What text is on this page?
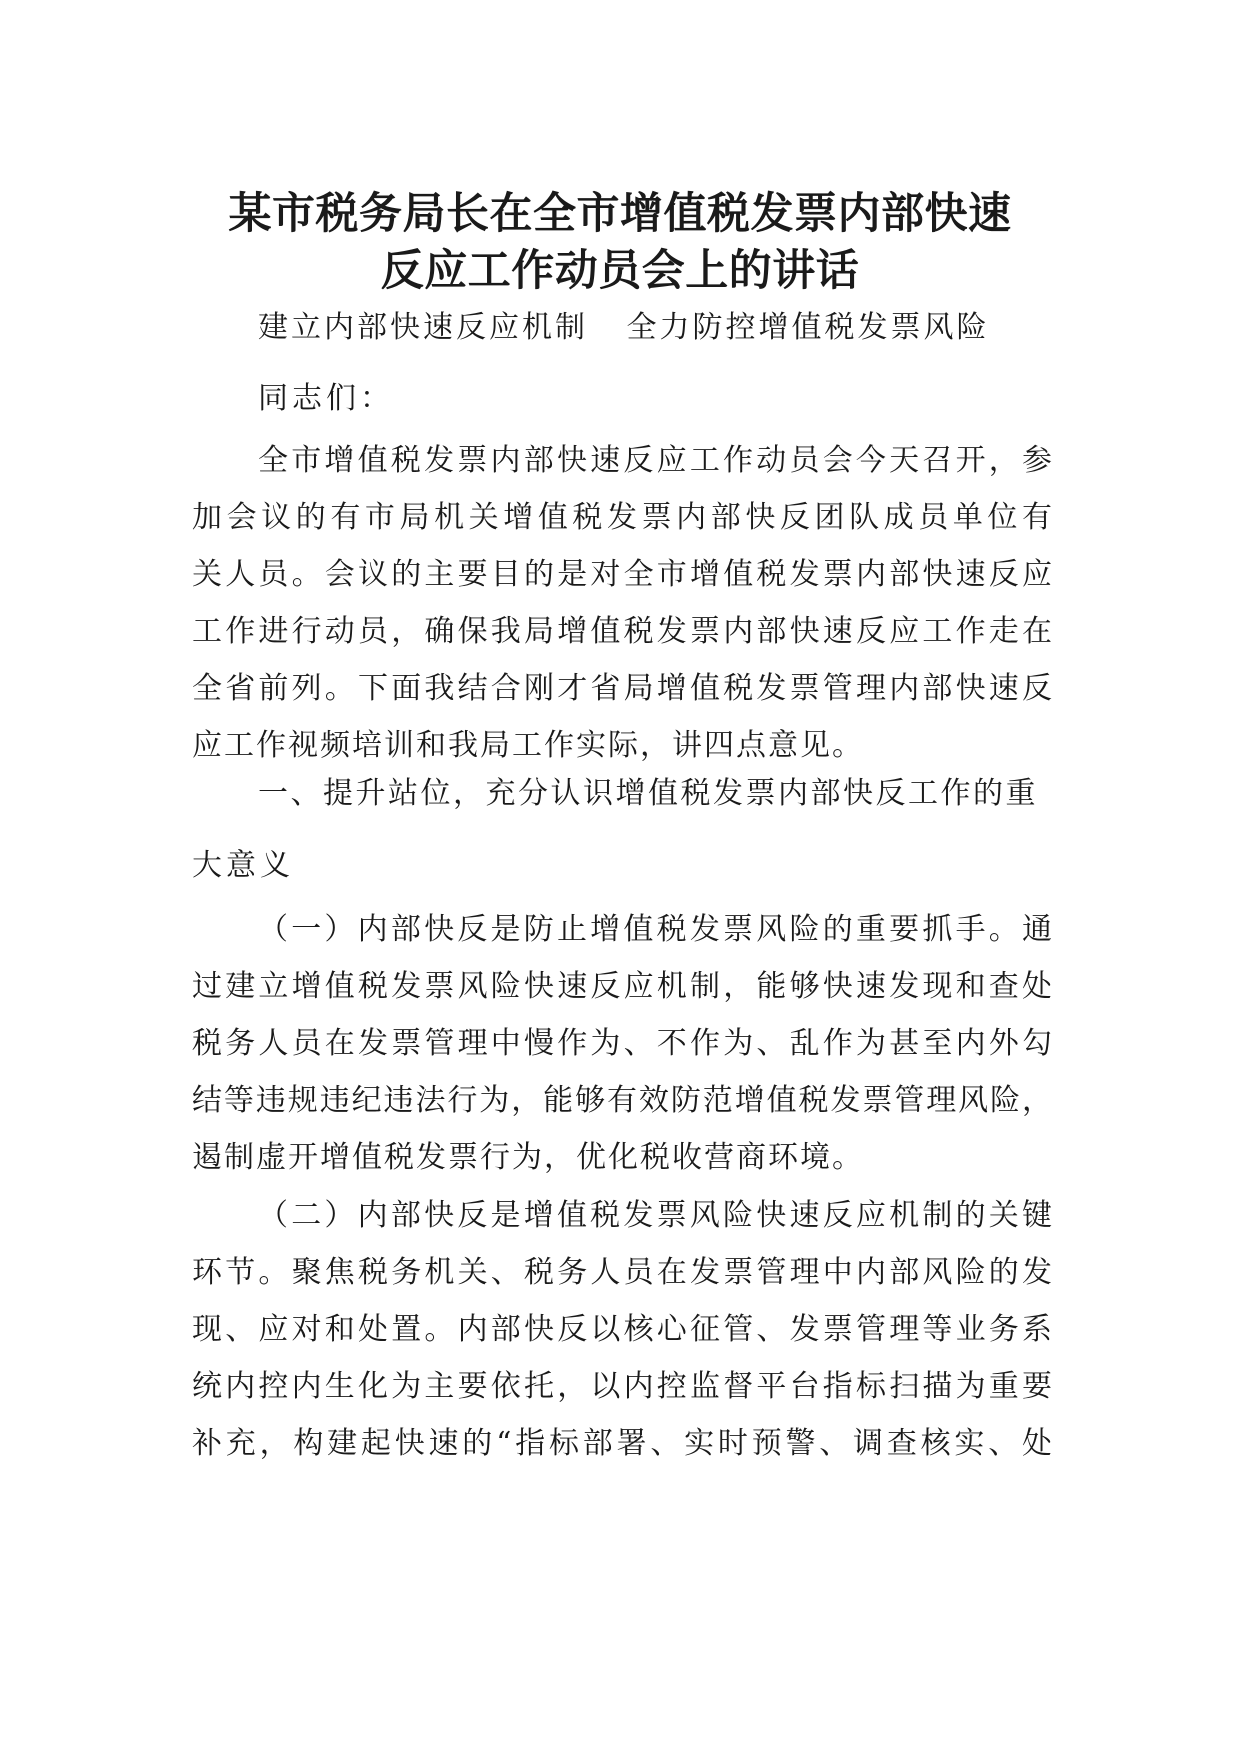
某市税务局长在全市增值税发票内部快速
反应工作动员会上的讲话

建立内部快速反应机制 全力防控增值税发票风险

同志们：

全市增值税发票内部快速反应工作动员会今天召开，参
加会议的有市局机关增值税发票内部快反团队成员单位有
关人员。会议的主要目的是对全市增值税发票内部快速反应
工作进行动员，确保我局增值税发票内部快速反应工作走在
全省前列。下面我结合刚才省局增值税发票管理内部快速反
应工作视频培训和我局工作实际，讲四点意见。

一、提升站位，充分认识增值税发票内部快反工作的重

大意义

（一）内部快反是防止增值税发票风险的重要抓手。通
过建立增值税发票风险快速反应机制，能够快速发现和查处
税务人员在发票管理中慢作为、不作为、乱作为甚至内外勾
结等违规违纪违法行为，能够有效防范增值税发票管理风险，
遏制虚开增值税发票行为，优化税收营商环境。
（二）内部快反是增值税发票风险快速反应机制的关键
环节。聚焦税务机关、税务人员在发票管理中内部风险的发
现、应对和处置。内部快反以核心征管、发票管理等业务系
统内控内生化为主要依托，以内控监督平台指标扫描为重要
补充，构建起快速的“指标部署、实时预警、调查核实、处
